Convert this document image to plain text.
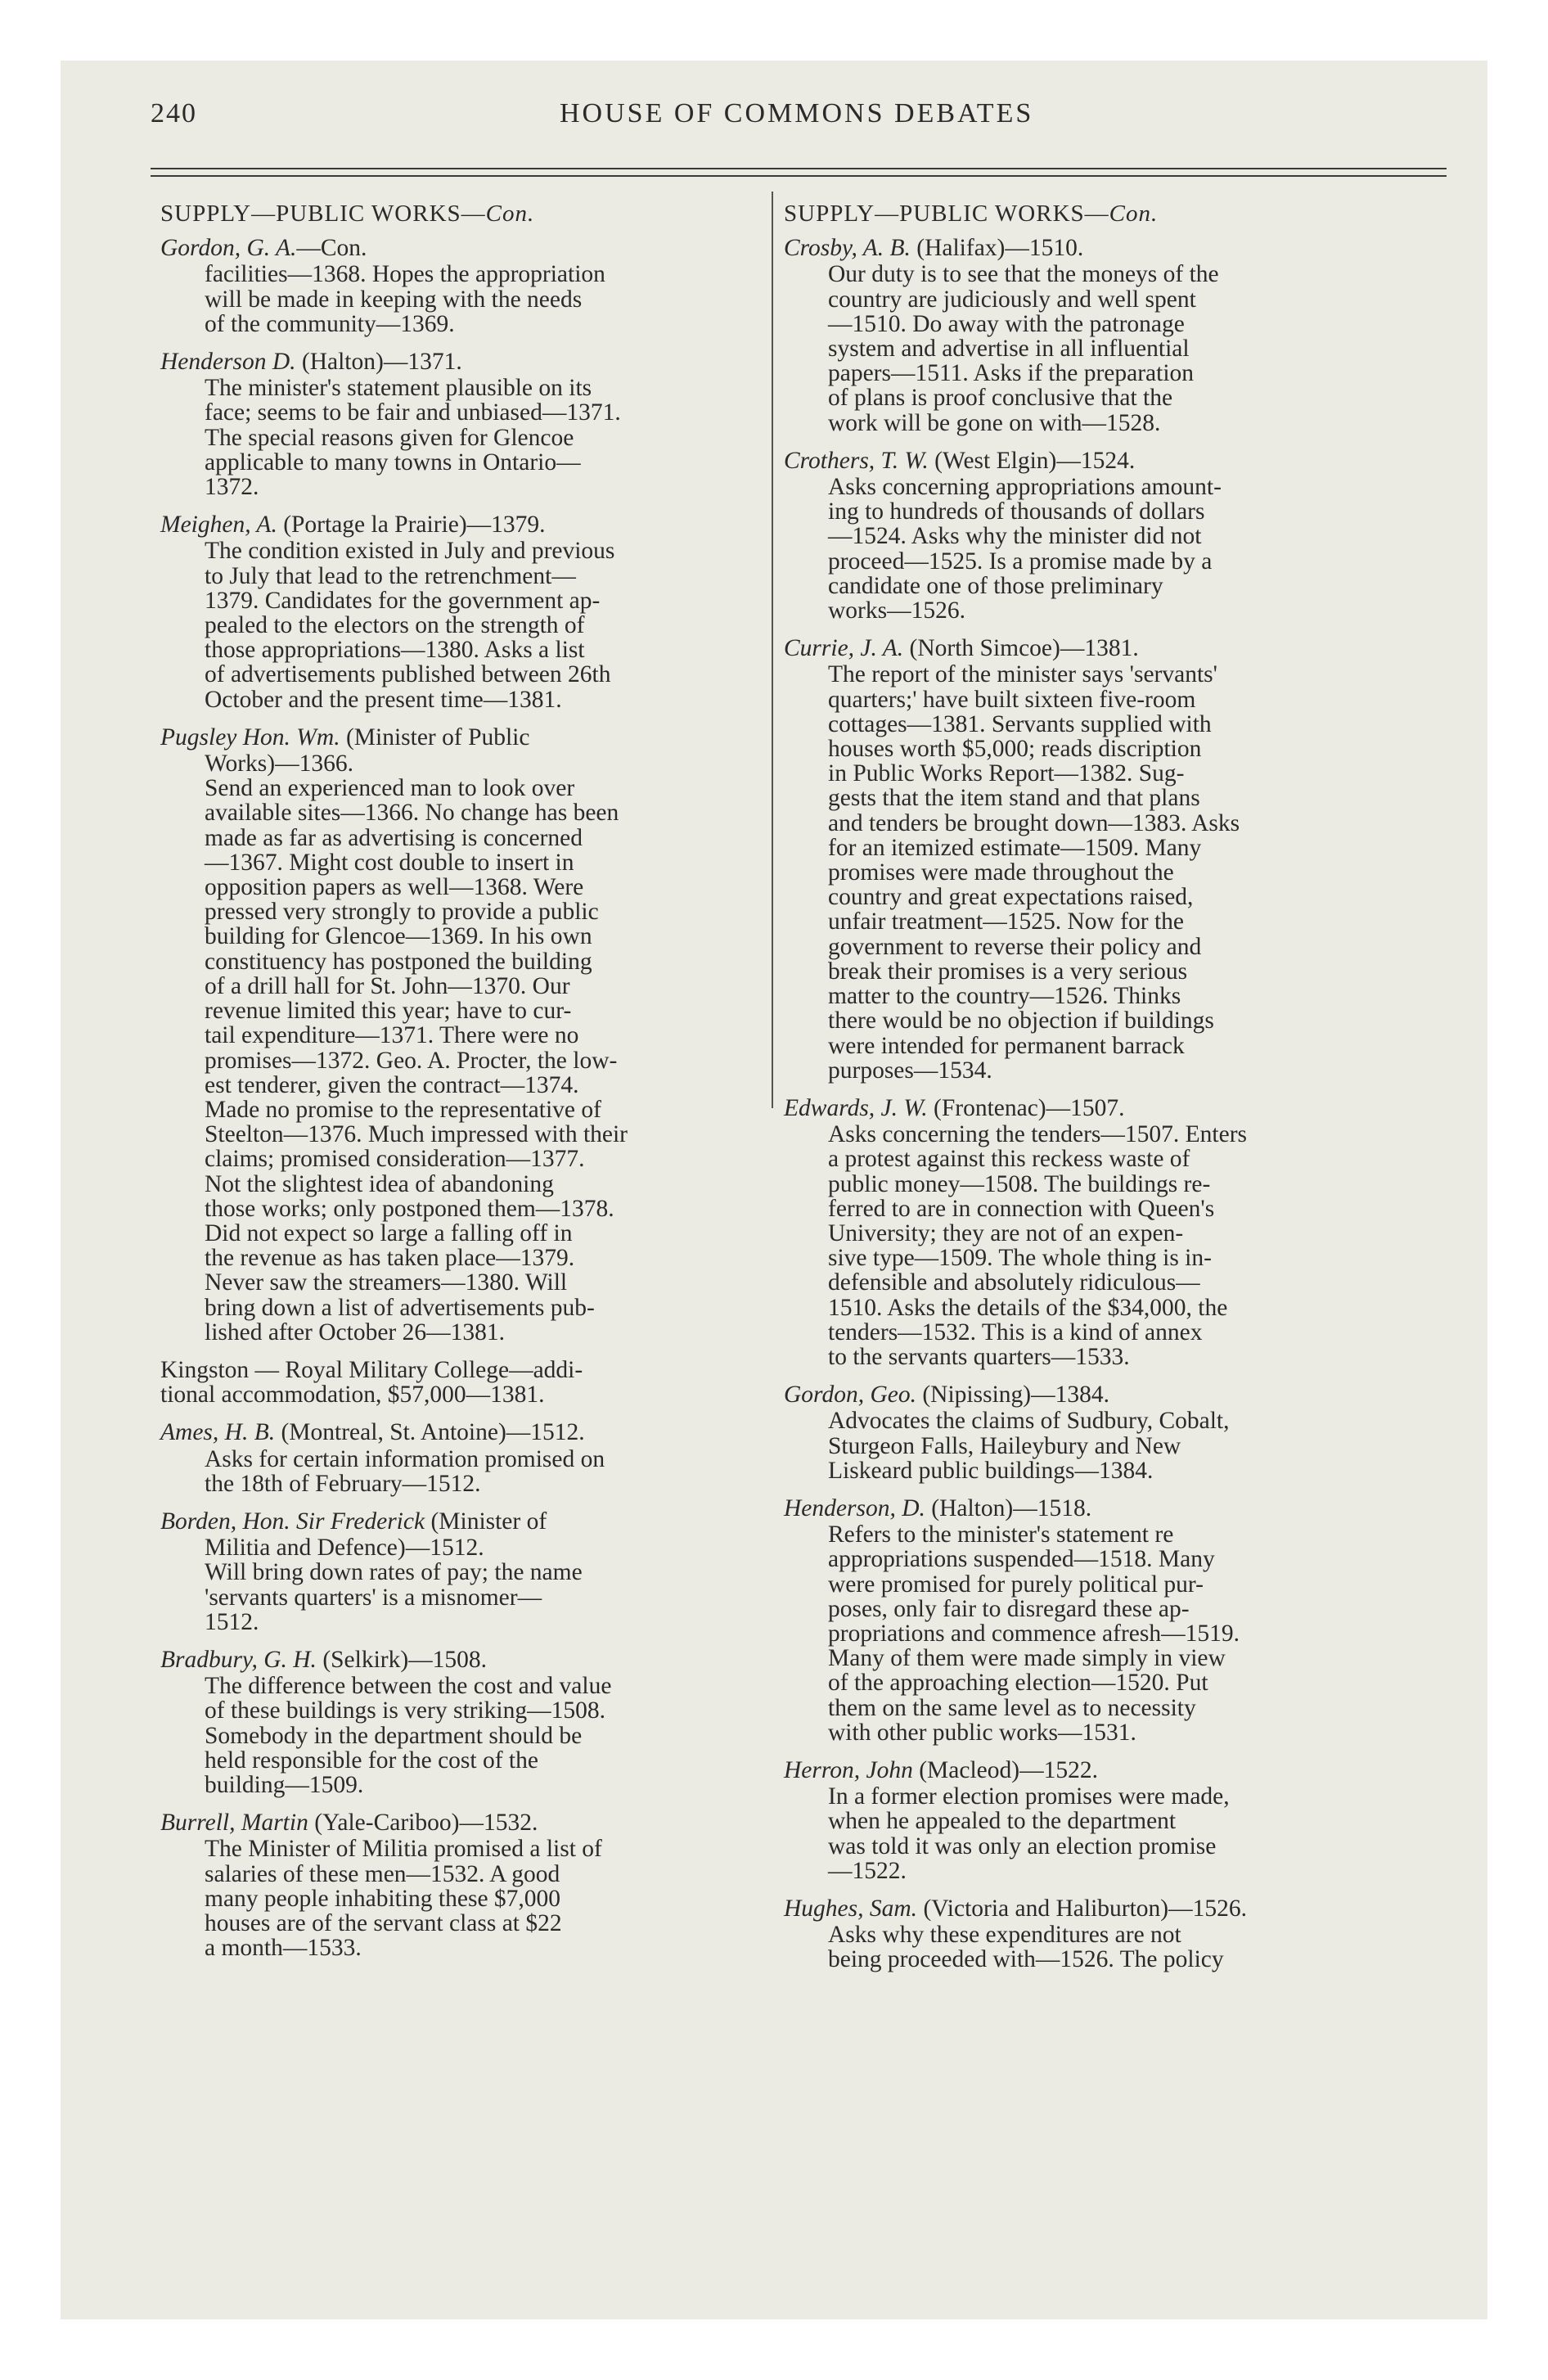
240	HOUSE OF COMMONS DEBATES
SUPPLY—PUBLIC WORKS—Con.
Gordon, G. A.—Con.

facilities—1368. Hopes the appropriation

will be made in keeping with the needs

of the community—1369.

Henderson D. (Halton)—1371.

The minister's statement plausible on its

face; seems to be fair and unbiased—1371.

The special reasons given for Glencoe

applicable to many towns in Ontario—

1372.

Meighen, A. (Portage la Prairie)—1379.

The condition existed in July and previous

to July that lead to the retrenchment—

1379. Candidates for the government ap-

pealed to the electors on the strength of

those appropriations—1380. Asks a list

of advertisements published between 26th

October and the present time—1381.

Pugsley Hon. Wm. (Minister of Public
Works)—1366.

Send an experienced man to look over

available sites—1366. No change has been

made as far as advertising is concerned

—1367. Might cost double to insert in

opposition papers as well—1368. Were

pressed very strongly to provide a public

building for Glencoe—1369. In his own

constituency has postponed the building

of a drill hall for St. John—1370. Our

revenue limited this year; have to cur-

tail expenditure—1371. There were no

promises—1372. Geo. A. Procter, the low-

est tenderer, given the contract—1374.

Made no promise to the representative of

Steelton—1376. Much impressed with their

claims; promised consideration—1377.

Not the slightest idea of abandoning

those works; only postponed them—1378.

Did not expect so large a falling off in

the revenue as has taken place—1379.

Never saw the streamers—1380. Will

bring down a list of advertisements pub-

lished after October 26—1381.

Kingston — Royal Military College—addi-

tional accommodation, $57,000—1381.

Ames, H. B. (Montreal, St. Antoine)—1512.

Asks for certain information promised on

the 18th of February—1512.

Borden, Hon. Sir Frederick (Minister of
Militia and Defence)—1512.

Will bring down rates of pay; the name

'servants quarters' is a misnomer—

1512.

Bradbury, G. H. (Selkirk)—1508.

The difference between the cost and value

of these buildings is very striking—1508.

Somebody in the department should be

held responsible for the cost of the

building—1509.

Burrell, Martin (Yale-Cariboo)—1532.

The Minister of Militia promised a list of

salaries of these men—1532. A good

many people inhabiting these $7,000

houses are of the servant class at $22

a month—1533.

SUPPLY—PUBLIC WORKS—Con.
Crosby, A. B. (Halifax)—1510.

Our duty is to see that the moneys of the

country are judiciously and well spent

—1510. Do away with the patronage

system and advertise in all influential

papers—1511. Asks if the preparation

of plans is proof conclusive that the

work will be gone on with—1528.

Crothers, T. W. (West Elgin)—1524.

Asks concerning appropriations amount-

ing to hundreds of thousands of dollars

—1524. Asks why the minister did not

proceed—1525. Is a promise made by a

candidate one of those preliminary

works—1526.

Currie, J. A. (North Simcoe)—1381.

The report of the minister says 'servants'

quarters;' have built sixteen five-room

cottages—1381. Servants supplied with

houses worth $5,000; reads discription

in Public Works Report—1382. Sug-

gests that the item stand and that plans

and tenders be brought down—1383. Asks

for an itemized estimate—1509. Many

promises were made throughout the

country and great expectations raised,

unfair treatment—1525. Now for the

government to reverse their policy and

break their promises is a very serious

matter to the country—1526. Thinks

there would be no objection if buildings

were intended for permanent barrack

purposes—1534.

Edwards, J. W. (Frontenac)—1507.

Asks concerning the tenders—1507. Enters

a protest against this reckess waste of

public money—1508. The buildings re-

ferred to are in connection with Queen's

University; they are not of an expen-

sive type—1509. The whole thing is in-

defensible and absolutely ridiculous—

1510. Asks the details of the $34,000, the

tenders—1532. This is a kind of annex

to the servants quarters—1533.

Gordon, Geo. (Nipissing)—1384.

Advocates the claims of Sudbury, Cobalt,

Sturgeon Falls, Haileybury and New

Liskeard public buildings—1384.

Henderson, D. (Halton)—1518.

Refers to the minister's statement re

appropriations suspended—1518. Many

were promised for purely political pur-

poses, only fair to disregard these ap-

propriations and commence afresh—1519.

Many of them were made simply in view

of the approaching election—1520. Put

them on the same level as to necessity

with other public works—1531.

Herron, John (Macleod)—1522.

In a former election promises were made,

when he appealed to the department

was told it was only an election promise

—1522.

Hughes, Sam. (Victoria and Haliburton)—1526.

Asks why these expenditures are not

being proceeded with—1526. The policy
